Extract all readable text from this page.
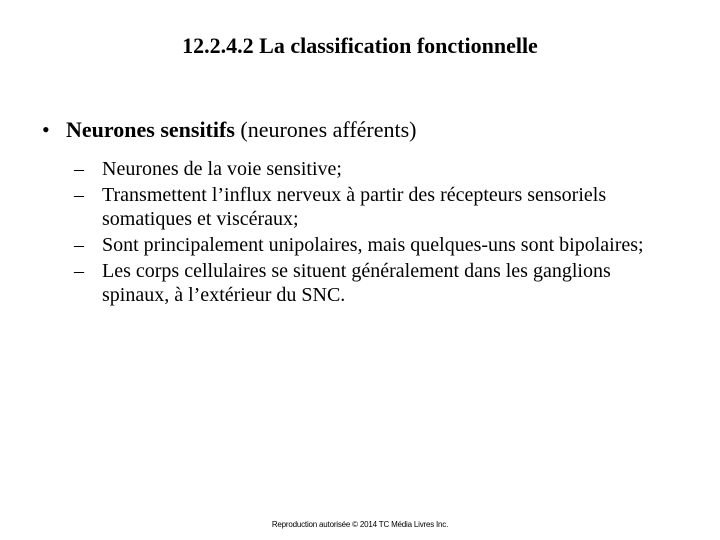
12.2.4.2 La classification fonctionnelle
• Neurones sensitifs (neurones afférents)
– Neurones de la voie sensitive;
– Transmettent l’influx nerveux à partir des récepteurs sensoriels somatiques et viscéraux;
– Sont principalement unipolaires, mais quelques-uns sont bipolaires;
– Les corps cellulaires se situent généralement dans les ganglions spinaux, à l’extérieur du SNC.
Reproduction autorisée © 2014 TC Média Livres Inc.
